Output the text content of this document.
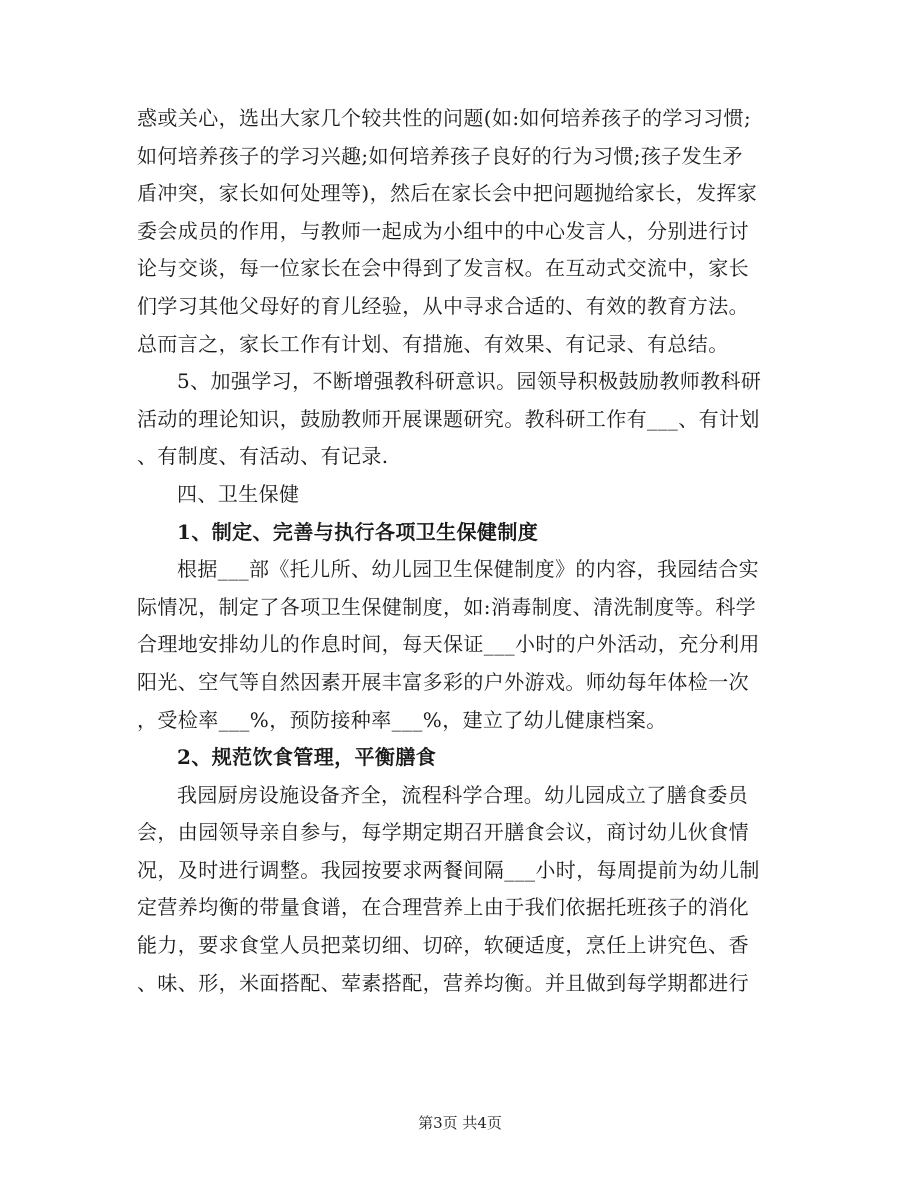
惑或关心，选出大家几个较共性的问题(如:如何培养孩子的学习习惯;
如何培养孩子的学习兴趣;如何培养孩子良好的行为习惯;孩子发生矛
盾冲突，家长如何处理等)，然后在家长会中把问题抛给家长，发挥家
委会成员的作用，与教师一起成为小组中的中心发言人，分别进行讨
论与交谈，每一位家长在会中得到了发言权。在互动式交流中，家长
们学习其他父母好的育儿经验，从中寻求合适的、有效的教育方法。
总而言之，家长工作有计划、有措施、有效果、有记录、有总结。
5、加强学习，不断增强教科研意识。园领导积极鼓励教师教科研
活动的理论知识，鼓励教师开展课题研究。教科研工作有___、有计划
、有制度、有活动、有记录.
四、卫生保健
1、制定、完善与执行各项卫生保健制度
根据___部《托儿所、幼儿园卫生保健制度》的内容，我园结合实
际情况，制定了各项卫生保健制度，如:消毒制度、清洗制度等。科学
合理地安排幼儿的作息时间，每天保证___小时的户外活动，充分利用
阳光、空气等自然因素开展丰富多彩的户外游戏。师幼每年体检一次
，受检率___%，预防接种率___%，建立了幼儿健康档案。
2、规范饮食管理，平衡膳食
我园厨房设施设备齐全，流程科学合理。幼儿园成立了膳食委员
会，由园领导亲自参与，每学期定期召开膳食会议，商讨幼儿伙食情
况，及时进行调整。我园按要求两餐间隔___小时，每周提前为幼儿制
定营养均衡的带量食谱，在合理营养上由于我们依据托班孩子的消化
能力，要求食堂人员把菜切细、切碎，软硬适度，烹任上讲究色、香
、味、形，米面搭配、荤素搭配，营养均衡。并且做到每学期都进行
第3页 共4页
